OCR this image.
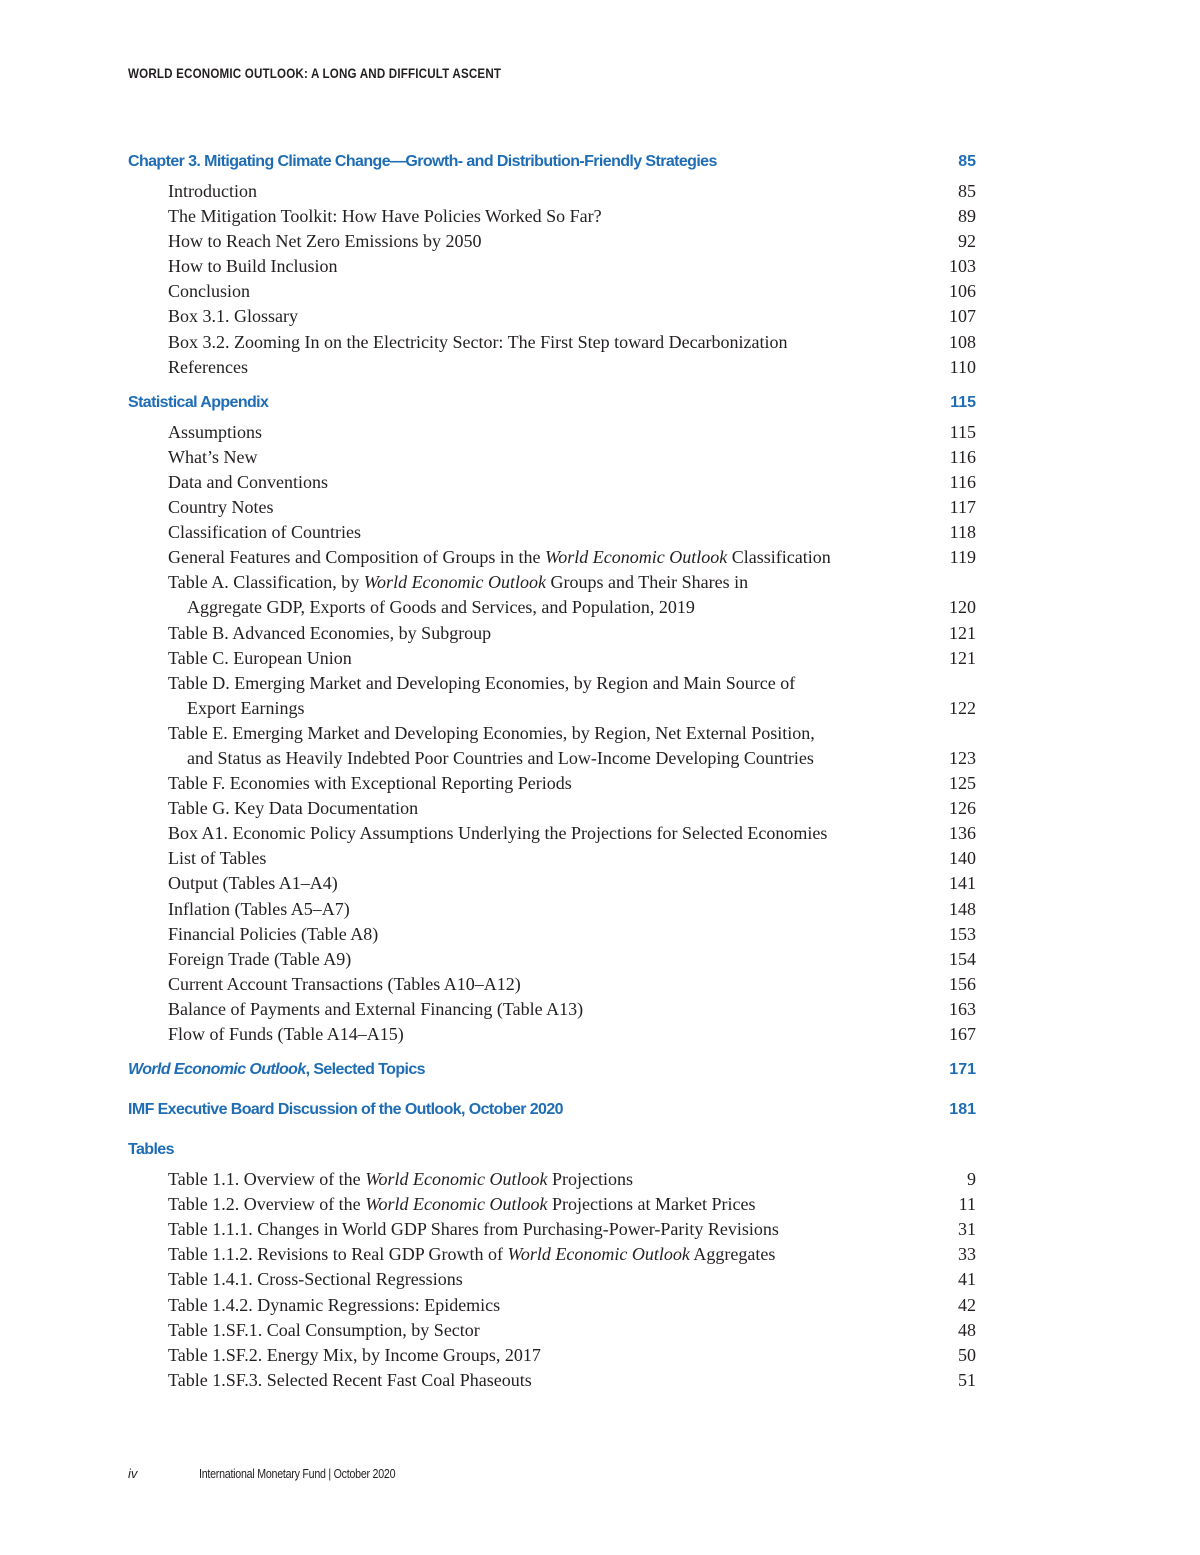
WORLD ECONOMIC OUTLOOK: A LONG AND DIFFICULT ASCENT
Chapter 3. Mitigating Climate Change—Growth- and Distribution-Friendly Strategies	85
Introduction	85
The Mitigation Toolkit: How Have Policies Worked So Far?	89
How to Reach Net Zero Emissions by 2050	92
How to Build Inclusion	103
Conclusion	106
Box 3.1. Glossary	107
Box 3.2. Zooming In on the Electricity Sector: The First Step toward Decarbonization	108
References	110
Statistical Appendix	115
Assumptions	115
What’s New	116
Data and Conventions	116
Country Notes	117
Classification of Countries	118
General Features and Composition of Groups in the World Economic Outlook Classification	119
Table A. Classification, by World Economic Outlook Groups and Their Shares in
Aggregate GDP, Exports of Goods and Services, and Population, 2019	120
Table B. Advanced Economies, by Subgroup	121
Table C. European Union	121
Table D. Emerging Market and Developing Economies, by Region and Main Source of
Export Earnings	122
Table E. Emerging Market and Developing Economies, by Region, Net External Position,
and Status as Heavily Indebted Poor Countries and Low-Income Developing Countries	123
Table F. Economies with Exceptional Reporting Periods	125
Table G. Key Data Documentation	126
Box A1. Economic Policy Assumptions Underlying the Projections for Selected Economies	136
List of Tables	140
Output (Tables A1–A4)	141
Inflation (Tables A5–A7)	148
Financial Policies (Table A8)	153
Foreign Trade (Table A9)	154
Current Account Transactions (Tables A10–A12)	156
Balance of Payments and External Financing (Table A13)	163
Flow of Funds (Table A14–A15)	167
World Economic Outlook, Selected Topics	171
IMF Executive Board Discussion of the Outlook, October 2020	181
Tables
Table 1.1. Overview of the World Economic Outlook Projections	9
Table 1.2. Overview of the World Economic Outlook Projections at Market Prices	11
Table 1.1.1. Changes in World GDP Shares from Purchasing-Power-Parity Revisions	31
Table 1.1.2. Revisions to Real GDP Growth of World Economic Outlook Aggregates	33
Table 1.4.1. Cross-Sectional Regressions	41
Table 1.4.2. Dynamic Regressions: Epidemics	42
Table 1.SF.1. Coal Consumption, by Sector	48
Table 1.SF.2. Energy Mix, by Income Groups, 2017	50
Table 1.SF.3. Selected Recent Fast Coal Phaseouts	51
iv	International Monetary Fund | October 2020
